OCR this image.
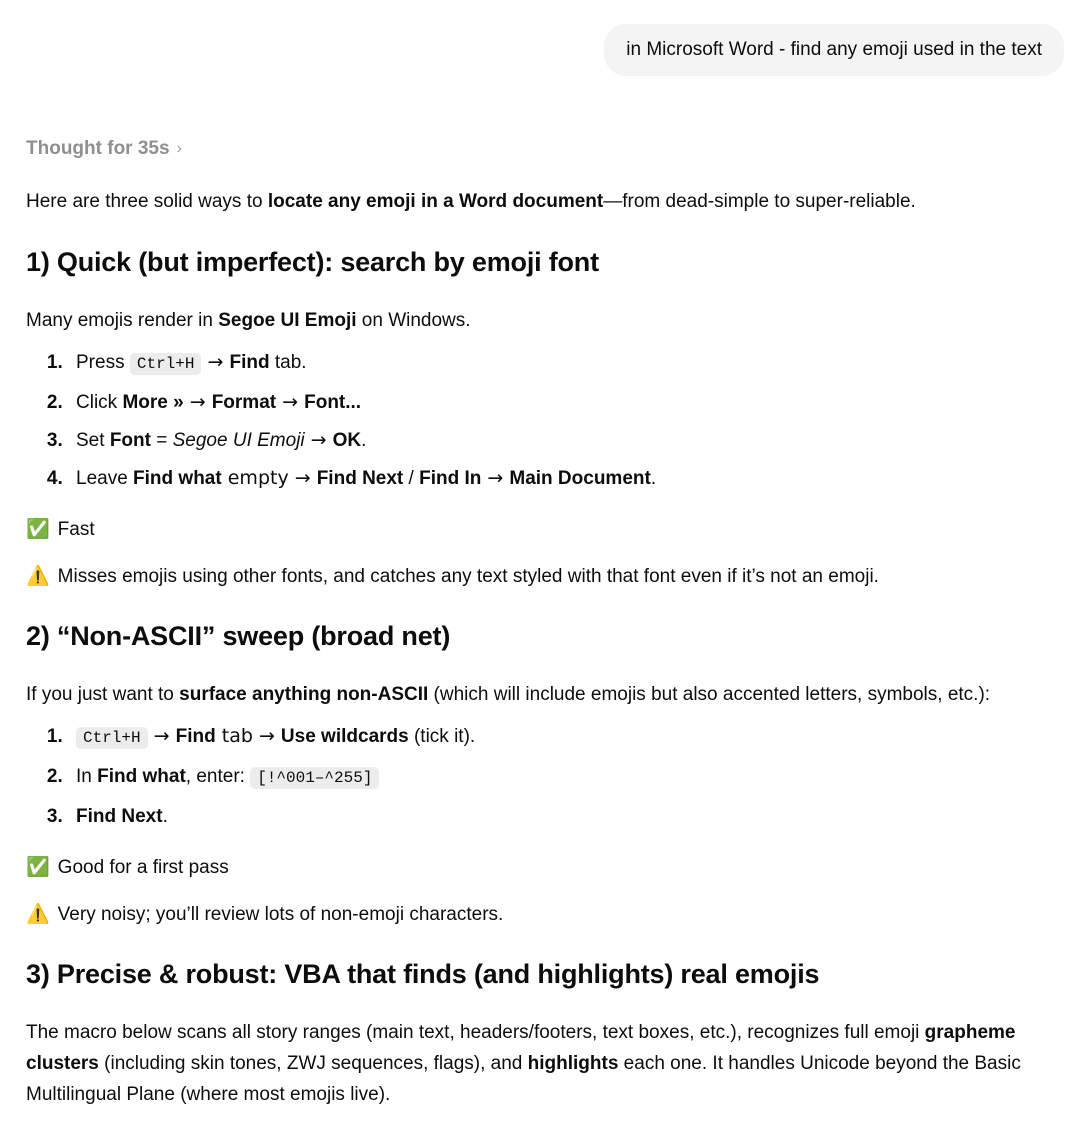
in Microsoft Word - find any emoji used in the text
Thought for 35s ›

Here are three solid ways to locate any emoji in a Word document—from dead-simple to super-reliable.

1) Quick (but imperfect): search by emoji font

Many emojis render in Segoe UI Emoji on Windows.

1. Press Ctrl+H → Find tab.
2. Click More » → Format → Font...
3. Set Font = Segoe UI Emoji → OK.
4. Leave Find what empty → Find Next / Find In → Main Document.
✅ Fast
⚠️ Misses emojis using other fonts, and catches any text styled with that font even if it’s not an emoji.
2) “Non-ASCII” sweep (broad net)

If you just want to surface anything non-ASCII (which will include emojis but also accented letters, symbols, etc.):

1. Ctrl+H → Find tab → Use wildcards (tick it).
2. In Find what, enter: [!^001–^255]
3. Find Next.
✅ Good for a first pass
⚠️ Very noisy; you’ll review lots of non-emoji characters.
3) Precise & robust: VBA that finds (and highlights) real emojis

The macro below scans all story ranges (main text, headers/footers, text boxes, etc.), recognizes full emoji grapheme clusters (including skin tones, ZWJ sequences, flags), and highlights each one. It handles Unicode beyond the Basic Multilingual Plane (where most emojis live).
